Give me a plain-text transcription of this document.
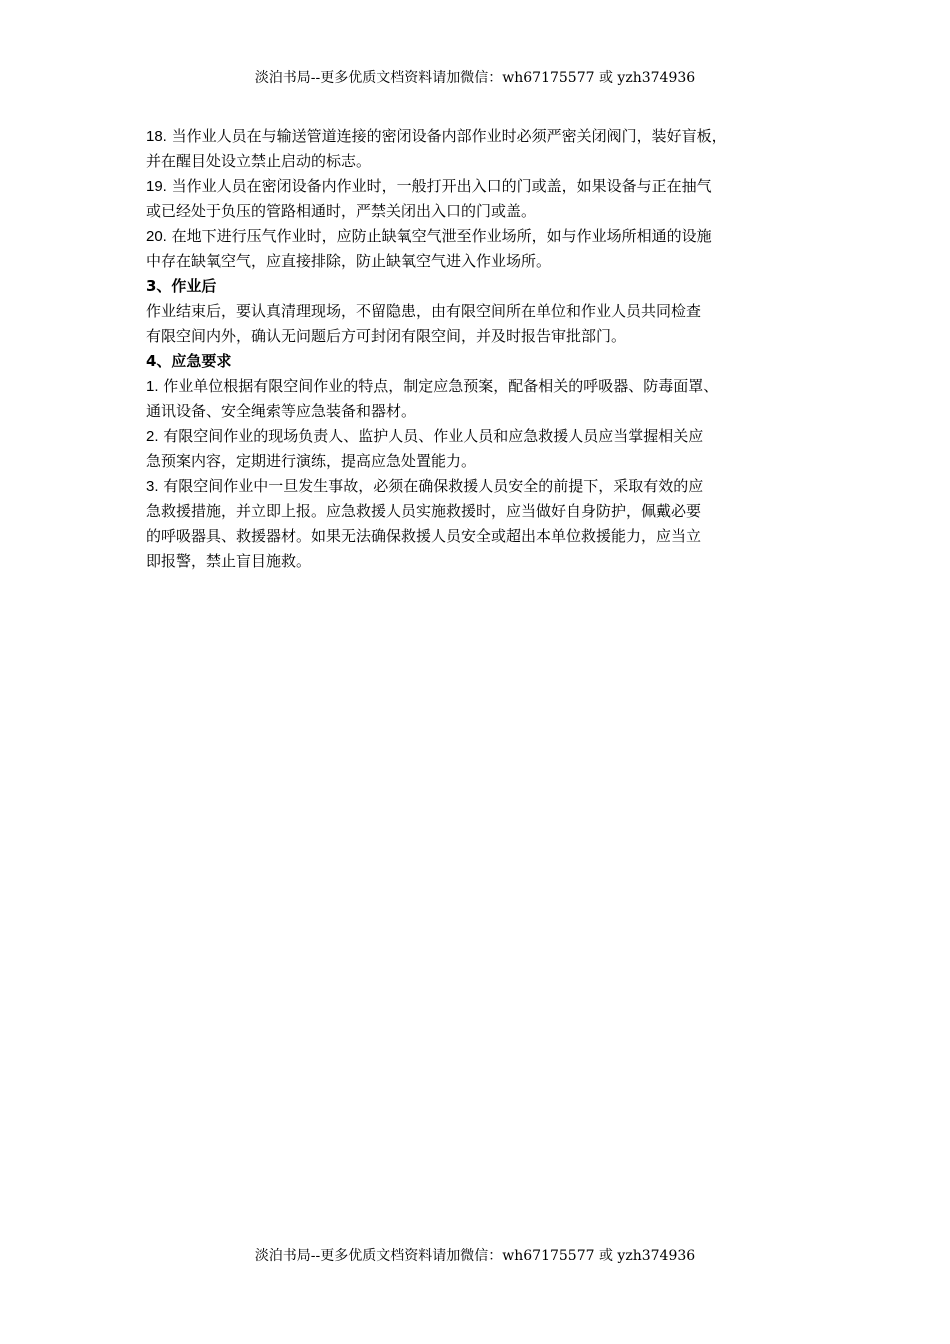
淡泊书局--更多优质文档资料请加微信：wh67175577 或 yzh374936
18. 当作业人员在与输送管道连接的密闭设备内部作业时必须严密关闭阀门，装好盲板，
并在醒目处设立禁止启动的标志。
19. 当作业人员在密闭设备内作业时，一般打开出入口的门或盖，如果设备与正在抽气
或已经处于负压的管路相通时，严禁关闭出入口的门或盖。
20. 在地下进行压气作业时，应防止缺氧空气泄至作业场所，如与作业场所相通的设施
中存在缺氧空气，应直接排除，防止缺氧空气进入作业场所。
3、作业后
作业结束后，要认真清理现场，不留隐患，由有限空间所在单位和作业人员共同检查
有限空间内外，确认无问题后方可封闭有限空间，并及时报告审批部门。
4、应急要求
1. 作业单位根据有限空间作业的特点，制定应急预案，配备相关的呼吸器、防毒面罩、
通讯设备、安全绳索等应急装备和器材。
2. 有限空间作业的现场负责人、监护人员、作业人员和应急救援人员应当掌握相关应
急预案内容，定期进行演练，提高应急处置能力。
3. 有限空间作业中一旦发生事故，必须在确保救援人员安全的前提下，采取有效的应
急救援措施，并立即上报。应急救援人员实施救援时，应当做好自身防护，佩戴必要
的呼吸器具、救援器材。如果无法确保救援人员安全或超出本单位救援能力，应当立
即报警，禁止盲目施救。
淡泊书局--更多优质文档资料请加微信：wh67175577 或 yzh374936
